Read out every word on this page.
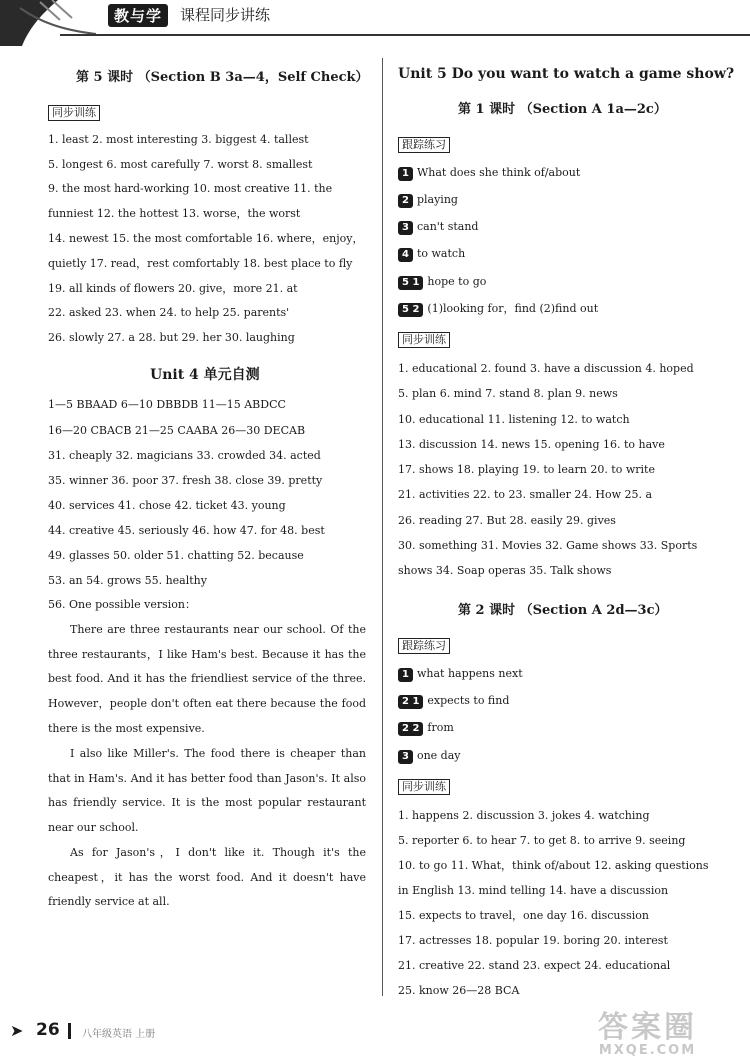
教与学	课程同步讲练
第 5 课时 （Section B 3a—4，Self Check）
同步训练
1. least 2. most interesting 3. biggest 4. tallest
5. longest 6. most carefully 7. worst 8. smallest
9. the most hard-working 10. most creative 11. the
funniest 12. the hottest 13. worse，the worst
14. newest 15. the most comfortable 16. where，enjoy，
quietly 17. read，rest comfortably 18. best place to fly
19. all kinds of flowers 20. give，more 21. at
22. asked 23. when 24. to help 25. parents'
26. slowly 27. a 28. but 29. her 30. laughing
Unit 4 单元自测
1—5 BBAAD 6—10 DBBDB 11—15 ABDCC
16—20 CBACB 21—25 CAABA 26—30 DECAB
31. cheaply 32. magicians 33. crowded 34. acted
35. winner 36. poor 37. fresh 38. close 39. pretty
40. services 41. chose 42. ticket 43. young
44. creative 45. seriously 46. how 47. for 48. best
49. glasses 50. older 51. chatting 52. because
53. an 54. grows 55. healthy
56. One possible version：

There are three restaurants near our school. Of the three restaurants，I like Ham's best. Because it has the best food. And it has the friendliest service of the three. However，people don't often eat there because the food there is the most expensive.

I also like Miller's. The food there is cheaper than that in Ham's. And it has better food than Jason's. It also has friendly service. It is the most popular restaurant near our school.

As for Jason's，I don't like it. Though it's the cheapest，it has the worst food. And it doesn't have friendly service at all.

Unit 5 Do you want to watch a game show?
第 1 课时 （Section A 1a—2c）
跟踪练习
1 What does she think of/about
2 playing
3 can't stand
4 to watch
5 1 hope to go
5 2 (1)looking for，find (2)find out
同步训练
1. educational 2. found 3. have a discussion 4. hoped
5. plan 6. mind 7. stand 8. plan 9. news
10. educational 11. listening 12. to watch
13. discussion 14. news 15. opening 16. to have
17. shows 18. playing 19. to learn 20. to write
21. activities 22. to 23. smaller 24. How 25. a
26. reading 27. But 28. easily 29. gives
30. something 31. Movies 32. Game shows 33. Sports
shows 34. Soap operas 35. Talk shows
第 2 课时 （Section A 2d—3c）
跟踪练习
1 what happens next
2 1 expects to find
2 2 from
3 one day
同步训练
1. happens 2. discussion 3. jokes 4. watching
5. reporter 6. to hear 7. to get 8. to arrive 9. seeing
10. to go 11. What，think of/about 12. asking questions
in English 13. mind telling 14. have a discussion
15. expects to travel，one day 16. discussion
17. actresses 18. popular 19. boring 20. interest
21. creative 22. stand 23. expect 24. educational
25. know 26—28 BCA
➤ 26 八年级英语 上册	答案圈
MXQE.COM
